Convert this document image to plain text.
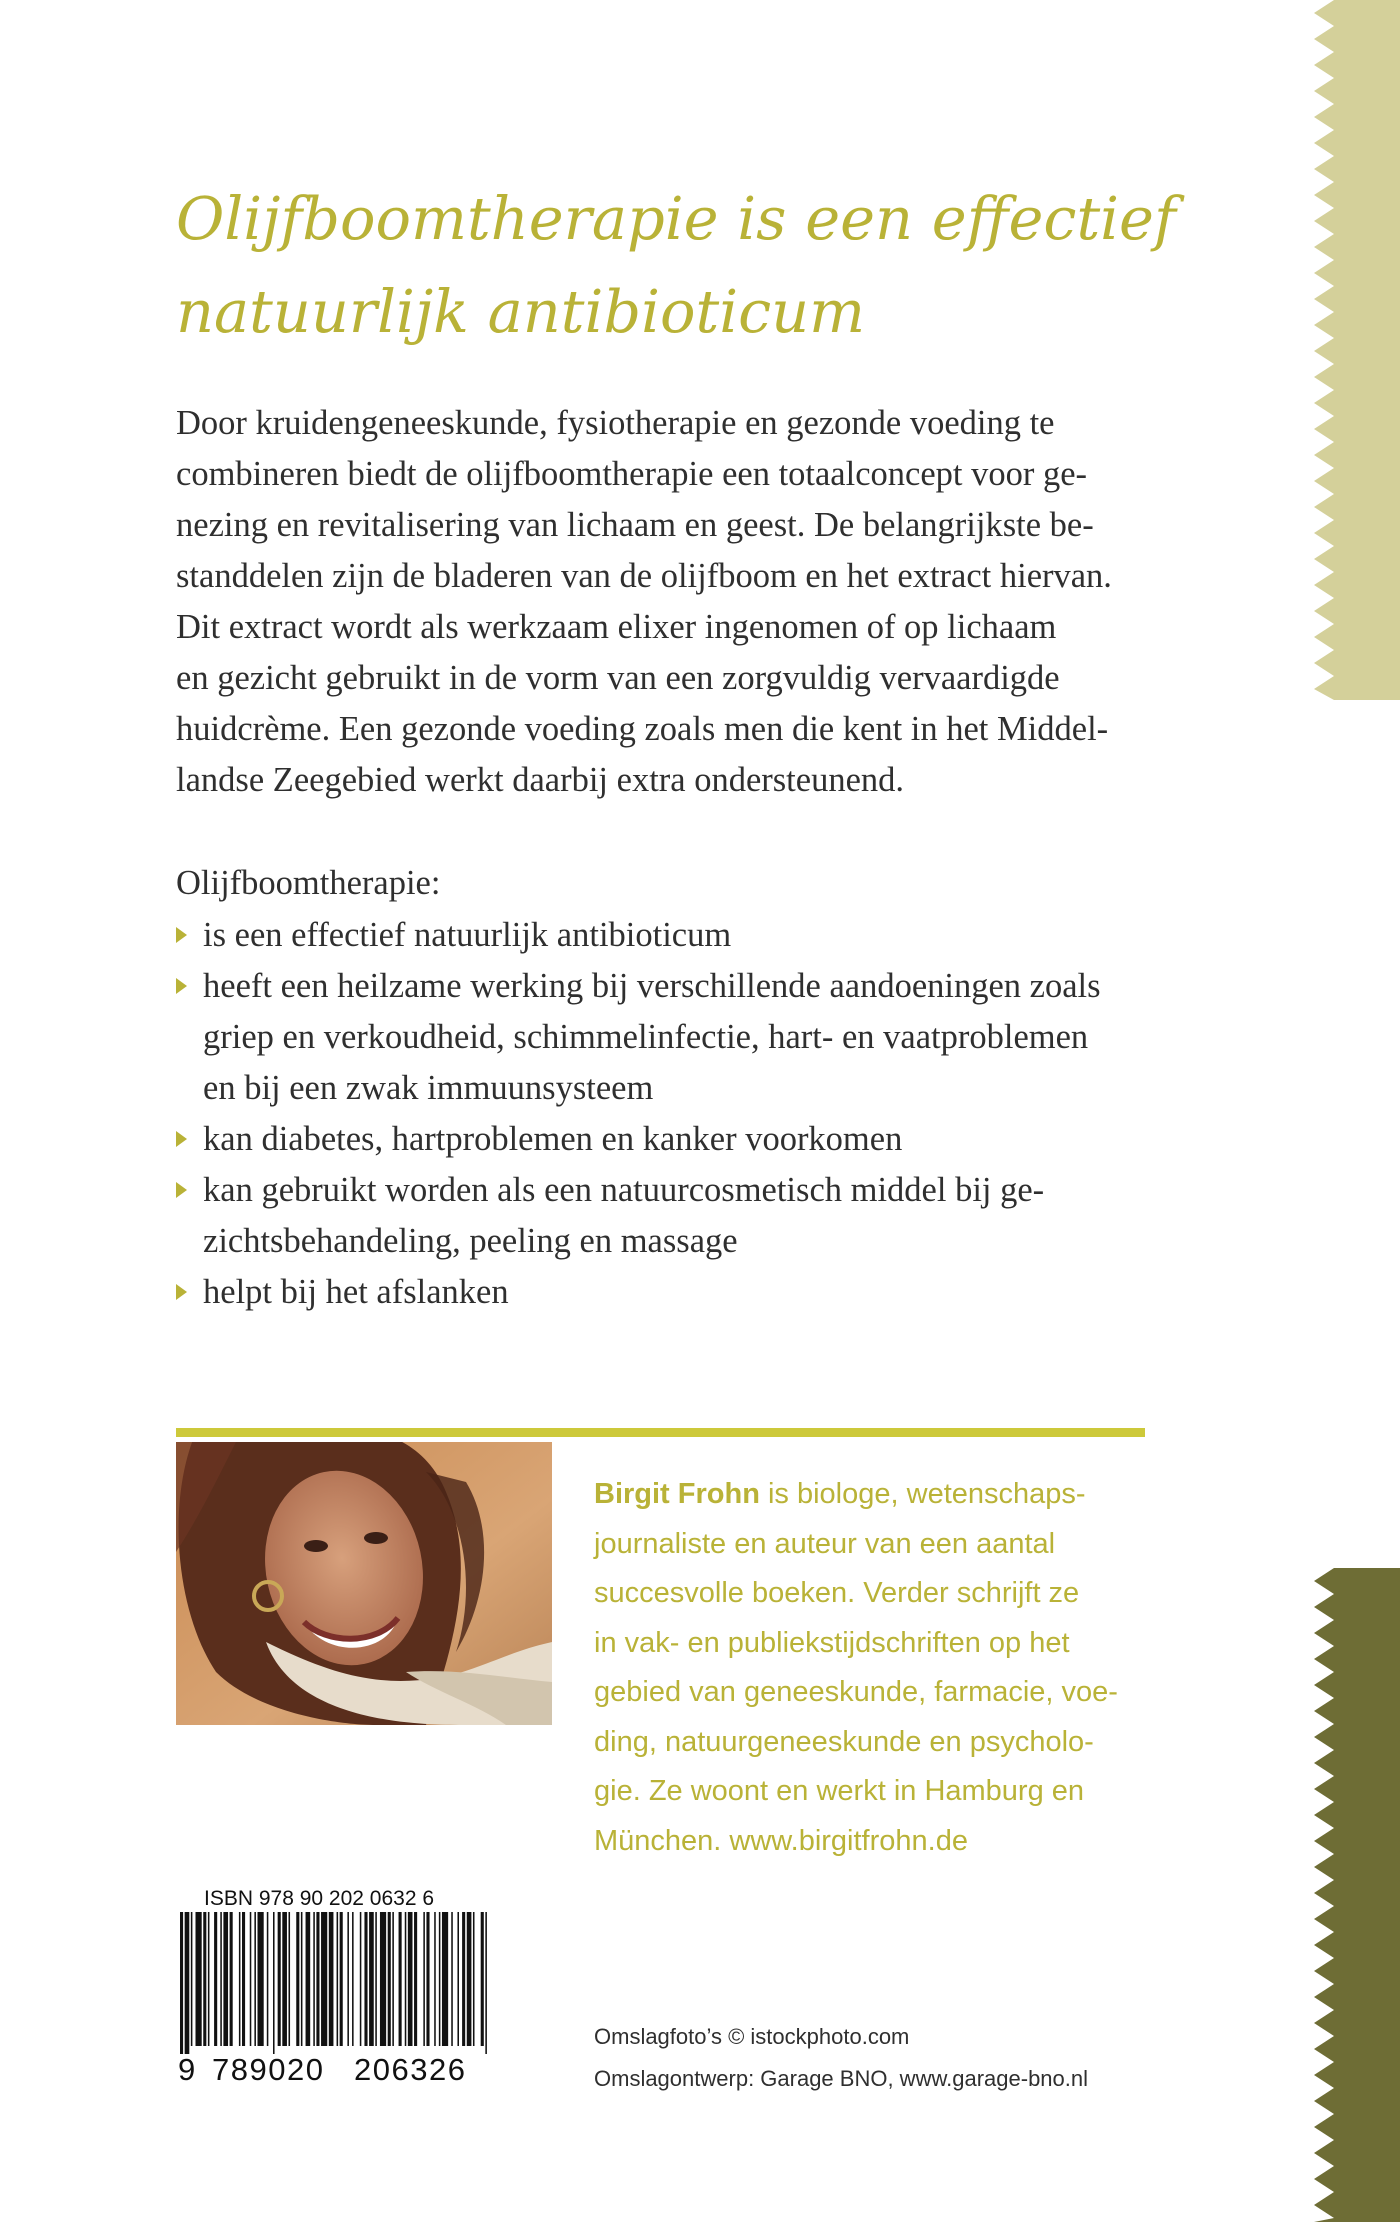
Olijfboomtherapie is een effectief
natuurlijk antibioticum
Door kruidengeneeskunde, fysiotherapie en gezonde voeding te
combineren biedt de olijfboomtherapie een totaalconcept voor ge-
nezing en revitalisering van lichaam en geest. De belangrijkste be-
standdelen zijn de bladeren van de olijfboom en het extract hiervan.
Dit extract wordt als werkzaam elixer ingenomen of op lichaam
en gezicht gebruikt in de vorm van een zorgvuldig vervaardigde
huidcrème. Een gezonde voeding zoals men die kent in het Middel-
landse Zeegebied werkt daarbij extra ondersteunend.
Olijfboomtherapie:
is een effectief natuurlijk antibioticum
heeft een heilzame werking bij verschillende aandoeningen zoals
griep en verkoudheid, schimmelinfectie, hart- en vaatproblemen
en bij een zwak immuunsysteem
kan diabetes, hartproblemen en kanker voorkomen
kan gebruikt worden als een natuurcosmetisch middel bij ge-
zichtsbehandeling, peeling en massage
helpt bij het afslanken
Birgit Frohn is biologe, wetenschaps-
journaliste en auteur van een aantal
succesvolle boeken. Verder schrijft ze
in vak- en publiekstijdschriften op het
gebied van geneeskunde, farmacie, voe-
ding, natuurgeneeskunde en psycholo-
gie. Ze woont en werkt in Hamburg en
München. www.birgitfrohn.de
ISBN 978 90 202 0632 6
9 789020 206326
Omslagfoto’s © istockphoto.com
Omslagontwerp: Garage BNO, www.garage-bno.nl
